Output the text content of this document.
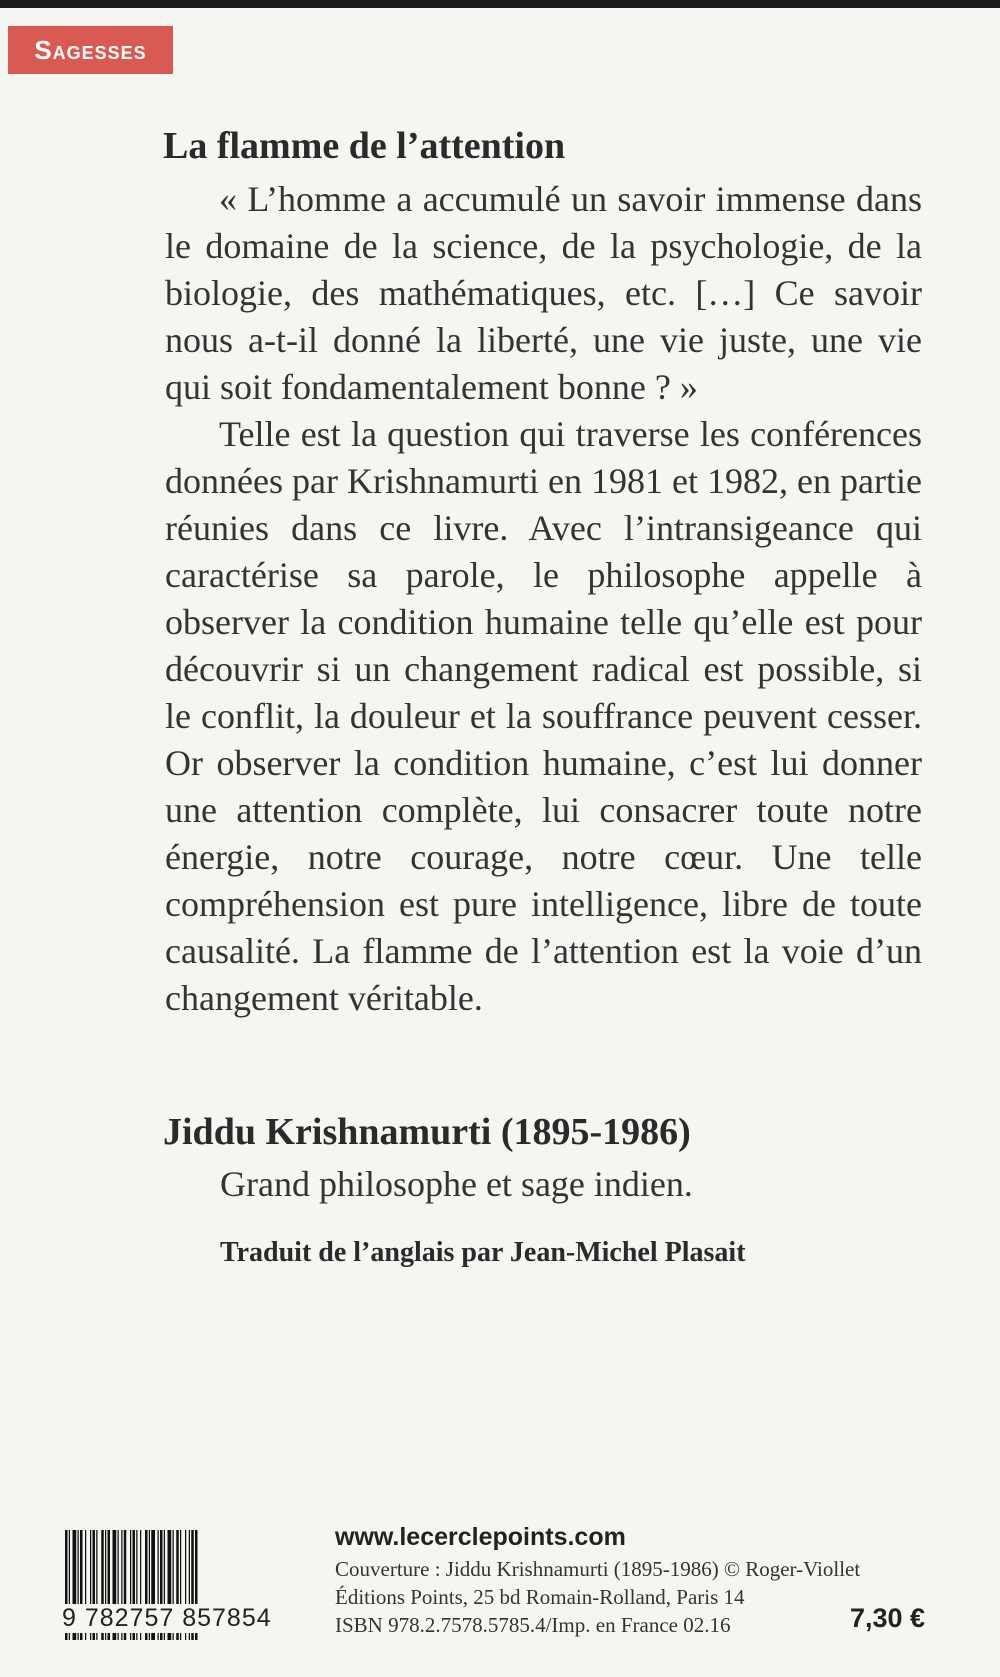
Sagesses
La flamme de l’attention

« L’homme a accumulé un savoir immense dans le domaine de la science, de la psychologie, de la biologie, des mathématiques, etc. […] Ce savoir nous a-t-il donné la liberté, une vie juste, une vie qui soit fondamentalement bonne ? »

Telle est la question qui traverse les conférences données par Krishnamurti en 1981 et 1982, en partie réunies dans ce livre. Avec l’intransigeance qui caractérise sa parole, le philosophe appelle à observer la condition humaine telle qu’elle est pour découvrir si un changement radical est possible, si le conflit, la douleur et la souffrance peuvent cesser. Or observer la condition humaine, c’est lui donner une attention complète, lui consacrer toute notre énergie, notre courage, notre cœur. Une telle compréhension est pure intelligence, libre de toute causalité. La flamme de l’attention est la voie d’un changement véritable.

Jiddu Krishnamurti (1895-1986)
Grand philosophe et sage indien.
Traduit de l’anglais par Jean-Michel Plasait
9 782757 857854
www.lecerclepoints.com
Couverture : Jiddu Krishnamurti (1895-1986) © Roger-Viollet
Éditions Points, 25 bd Romain-Rolland, Paris 14
ISBN 978.2.7578.5785.4/Imp. en France 02.16	7,30 €
